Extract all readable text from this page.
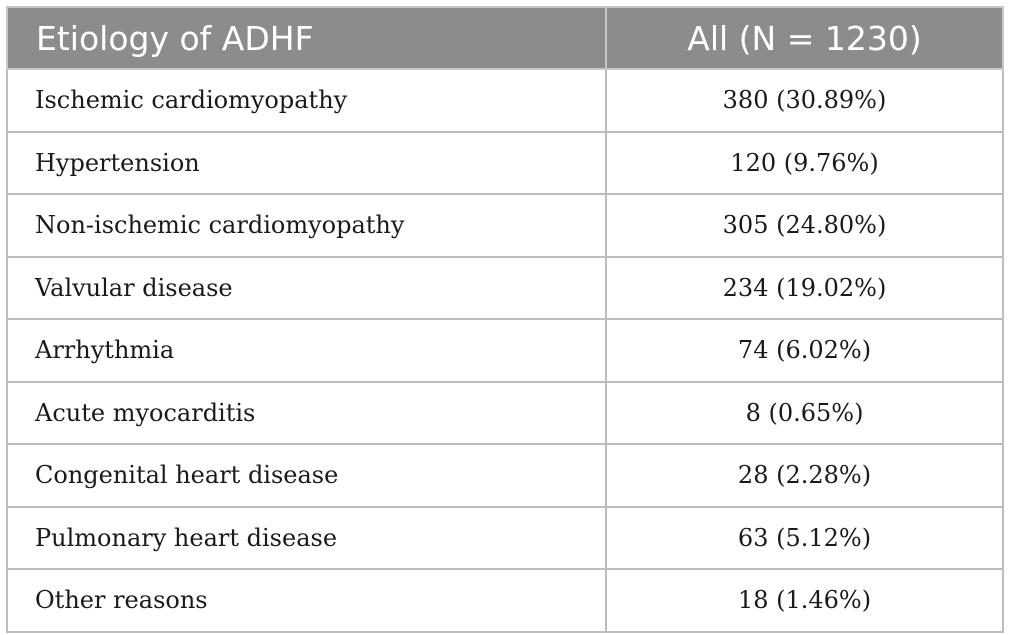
Etiology of ADHF	All (N = 1230)
Ischemic cardiomyopathy	380 (30.89%)
Hypertension	120 (9.76%)
Non-ischemic cardiomyopathy	305 (24.80%)
Valvular disease	234 (19.02%)
Arrhythmia	74 (6.02%)
Acute myocarditis	8 (0.65%)
Congenital heart disease	28 (2.28%)
Pulmonary heart disease	63 (5.12%)
Other reasons	18 (1.46%)
